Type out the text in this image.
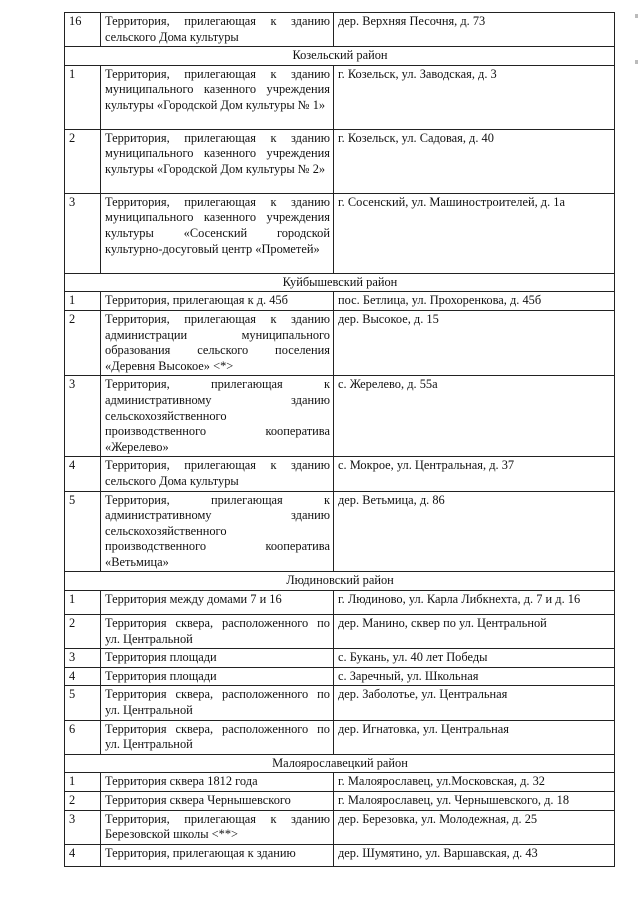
16	Территория, прилегающая к зданию сельского Дома культуры	дер. Верхняя Песочня, д. 73
Козельский район		
1	Территория, прилегающая к зданию муниципального казенного учреждения культуры «Городской Дом культуры № 1»	г. Козельск, ул. Заводская, д. 3
2	Территория, прилегающая к зданию муниципального казенного учреждения культуры «Городской Дом культуры № 2»	г. Козельск, ул. Садовая, д. 40
3	Территория, прилегающая к зданию муниципального казенного учреждения культуры «Сосенский городской культурно-досуговый центр «Прометей»	г. Сосенский, ул. Машиностроителей, д. 1а
Куйбышевский район		
1	Территория, прилегающая к д. 45б	пос. Бетлица, ул. Прохоренкова, д. 45б
2	Территория, прилегающая к зданию администрации муниципального образования сельского поселения «Деревня Высокое» <*>	дер. Высокое, д. 15
3	Территория, прилегающая к административному зданию сельскохозяйственного производственного кооператива «Жерелево»	с. Жерелево, д. 55а
4	Территория, прилегающая к зданию сельского Дома культуры	с. Мокрое, ул. Центральная, д. 37
5	Территория, прилегающая к административному зданию сельскохозяйственного производственного кооператива «Ветьмица»	дер. Ветьмица, д. 86
Людиновский район		
1	Территория между домами 7 и 16	г. Людиново, ул. Карла Либкнехта, д. 7 и д. 16
2	Территория сквера, расположенного по ул. Центральной	дер. Манино, сквер по ул. Центральной
3	Территория площади	с. Букань, ул. 40 лет Победы
4	Территория площади	с. Заречный, ул. Школьная
5	Территория сквера, расположенного по ул. Центральной	дер. Заболотье, ул. Центральная
6	Территория сквера, расположенного по ул. Центральной	дер. Игнатовка, ул. Центральная
Малоярославецкий район		
1	Территория сквера 1812 года	г. Малоярославец, ул.Московская, д. 32
2	Территория сквера Чернышевского	г. Малоярославец, ул. Чернышевского, д. 18
3	Территория, прилегающая к зданию Березовской школы <**>	дер. Березовка, ул. Молодежная, д. 25
4	Территория, прилегающая к зданию	дер. Шумятино, ул. Варшавская, д. 43
